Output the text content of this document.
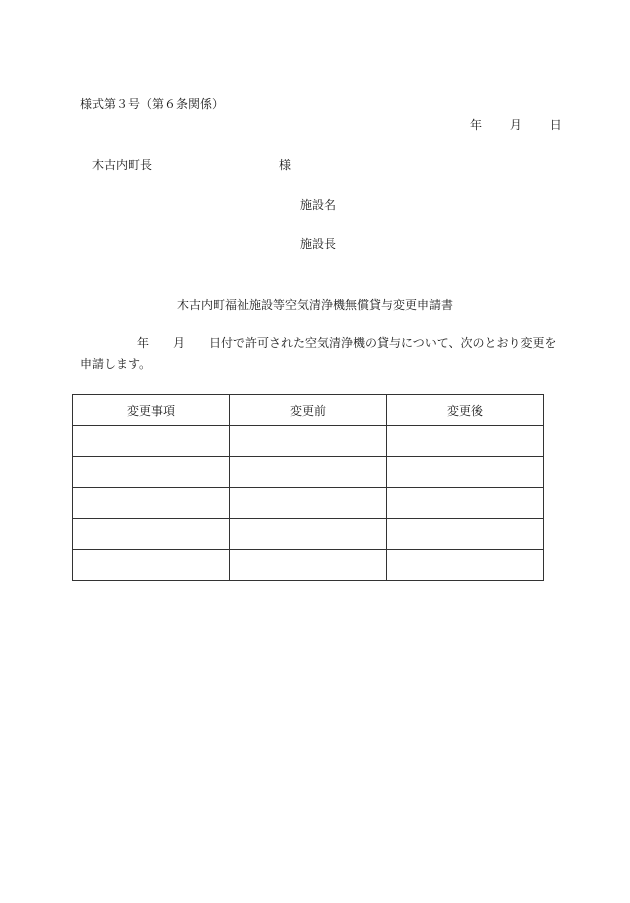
様式第３号（第６条関係）
年 月 日
木古内町長	様
施設名
施設長
木古内町福祉施設等空気清浄機無償貸与変更申請書
年 月 日付で許可された空気清浄機の貸与について、次のとおり変更を
申請します。
変更事項	変更前	変更後
